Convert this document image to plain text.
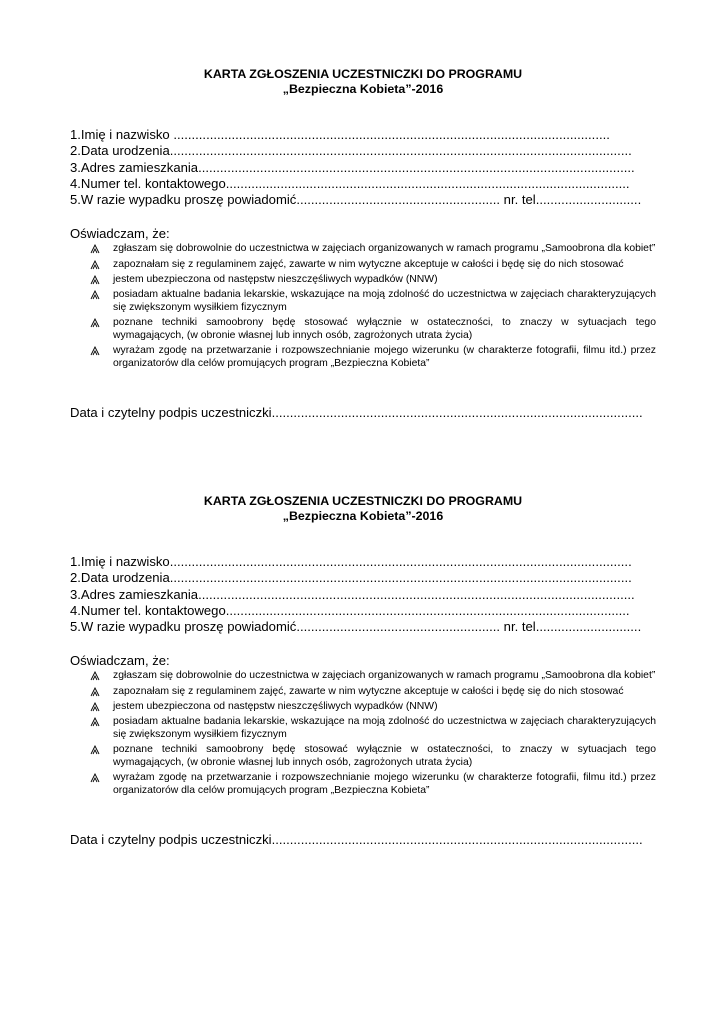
KARTA ZGŁOSZENIA UCZESTNICZKI DO PROGRAMU
„Bezpieczna Kobieta”-2016
1.Imię i nazwisko ........................................................................................................................
2.Data urodzenia...............................................................................................................................
3.Adres zamieszkania........................................................................................................................
4.Numer tel. kontaktowego...............................................................................................................
5.W razie wypadku proszę powiadomić........................................................ nr. tel.............................
Oświadczam, że:
zgłaszam się dobrowolnie do uczestnictwa w zajęciach organizowanych w ramach programu „Samoobrona dla kobiet”
zapoznałam się z regulaminem zajęć, zawarte w nim wytyczne akceptuje w całości i będę się do nich stosować
jestem ubezpieczona od następstw nieszczęśliwych wypadków (NNW)
posiadam aktualne badania lekarskie, wskazujące na moją zdolność do uczestnictwa w zajęciach charakteryzujących się zwiększonym wysiłkiem fizycznym
poznane techniki samoobrony będę stosować wyłącznie w ostateczności, to znaczy w sytuacjach tego wymagających, (w obronie własnej lub innych osób, zagrożonych utrata życia)
wyrażam zgodę na przetwarzanie i rozpowszechnianie mojego wizerunku (w charakterze fotografii, filmu itd.) przez organizatorów dla celów promujących program „Bezpieczna Kobieta”
Data i czytelny podpis uczestniczki......................................................................................................
KARTA ZGŁOSZENIA UCZESTNICZKI DO PROGRAMU
„Bezpieczna Kobieta”-2016
1.Imię i nazwisko...............................................................................................................................
2.Data urodzenia...............................................................................................................................
3.Adres zamieszkania........................................................................................................................
4.Numer tel. kontaktowego...............................................................................................................
5.W razie wypadku proszę powiadomić........................................................ nr. tel.............................
Oświadczam, że:
zgłaszam się dobrowolnie do uczestnictwa w zajęciach organizowanych w ramach programu „Samoobrona dla kobiet”
zapoznałam się z regulaminem zajęć, zawarte w nim wytyczne akceptuje w całości i będę się do nich stosować
jestem ubezpieczona od następstw nieszczęśliwych wypadków (NNW)
posiadam aktualne badania lekarskie, wskazujące na moją zdolność do uczestnictwa w zajęciach charakteryzujących się zwiększonym wysiłkiem fizycznym
poznane techniki samoobrony będę stosować wyłącznie w ostateczności, to znaczy w sytuacjach tego wymagających, (w obronie własnej lub innych osób, zagrożonych utrata życia)
wyrażam zgodę na przetwarzanie i rozpowszechnianie mojego wizerunku (w charakterze fotografii, filmu itd.) przez organizatorów dla celów promujących program „Bezpieczna Kobieta”
Data i czytelny podpis uczestniczki......................................................................................................
